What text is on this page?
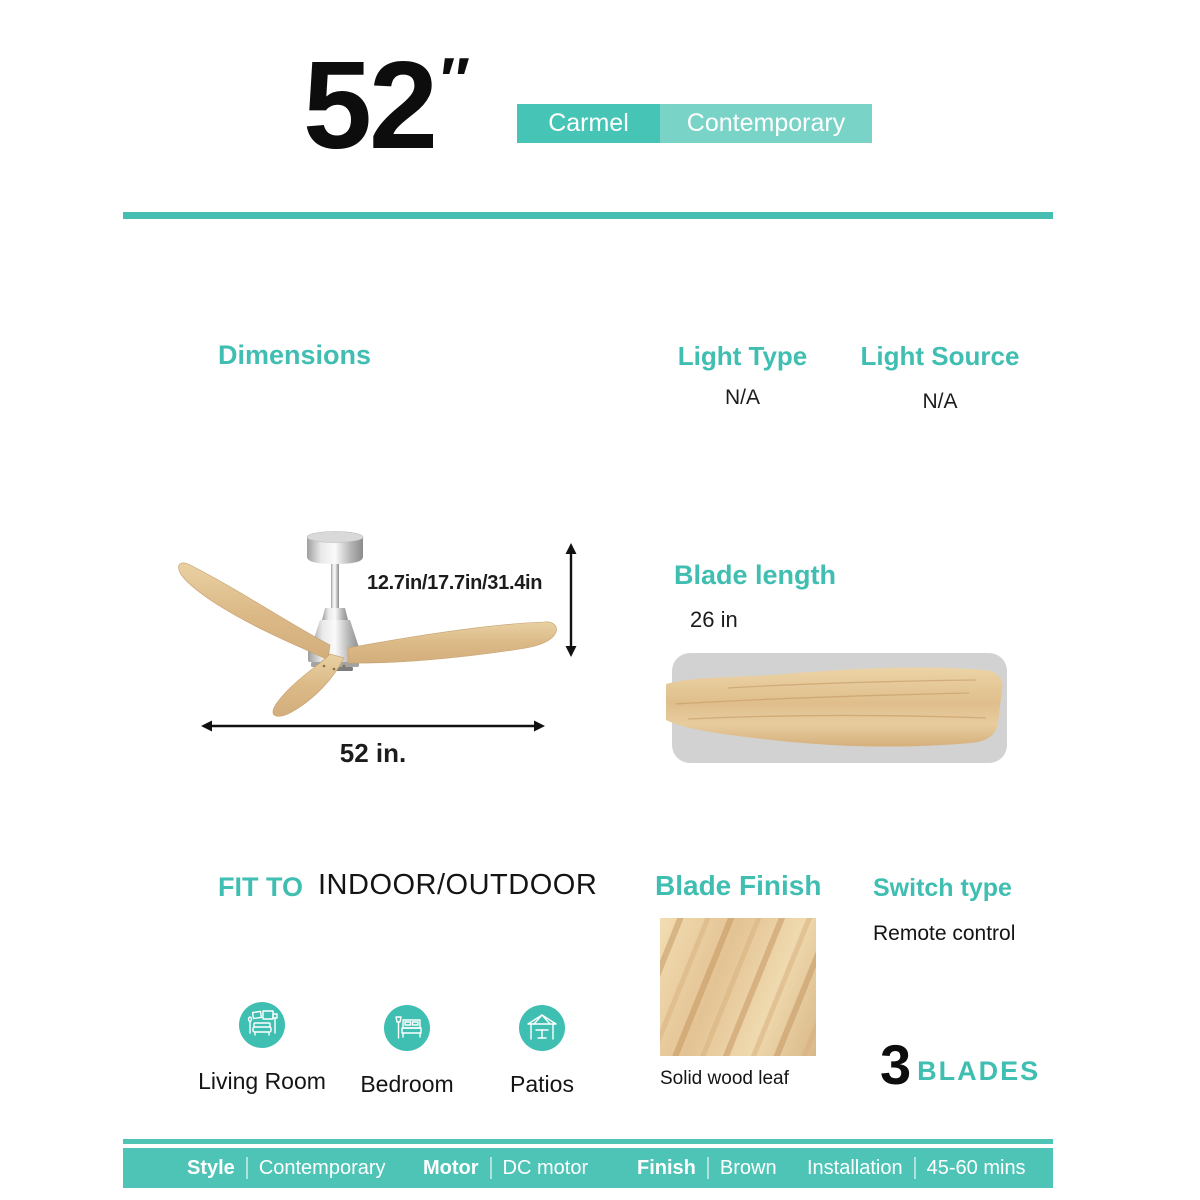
52 ″
Carmel	Contemporary
Dimensions	Light Type
N/A
Light Source
N/A
12.7in/17.7in/31.4in
52 in.
Blade length
26 in
FIT TO INDOOR/OUTDOOR
Living Room Bedroom Patios
Blade Finish
Solid wood leaf
Switch type
Remote control
3 BLADES
Style Contemporary Motor DC motor Finish Brown Installation 45-60 mins
